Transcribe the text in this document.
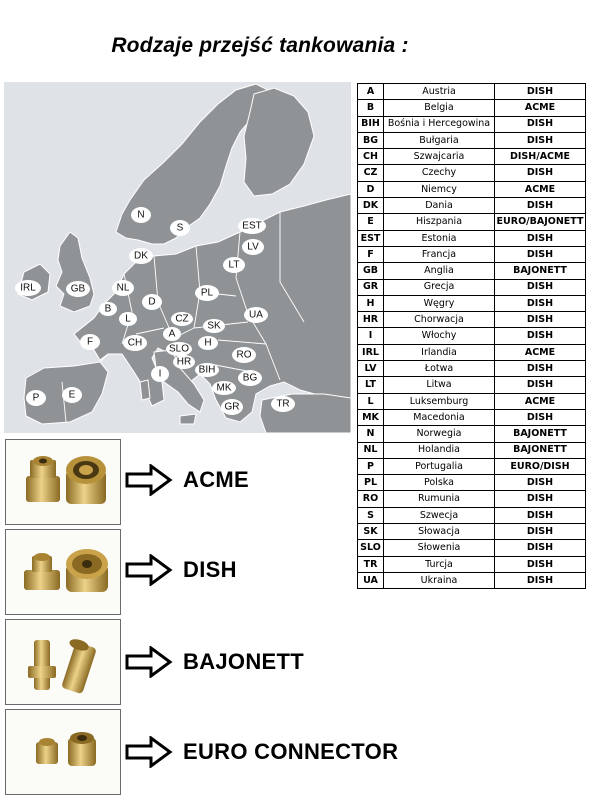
Rodzaje przejść tankowania :
N
S	EST
LV
DK
LT
IRL	GB	NL
D
PL
B
L	UA
CZ
SK
F	CH
A
H
SLO
RO
HR
I	BIH
MK
BG
P	E
GR	TR
A	Austria	DISH
B	Belgia	ACME
BIH	Bośnia i Hercegowina	DISH
BG	Bułgaria	DISH
CH	Szwajcaria	DISH/ACME
CZ	Czechy	DISH
D	Niemcy	ACME
DK	Dania	DISH
E	Hiszpania	EURO/BAJONETT
EST	Estonia	DISH
F	Francja	DISH
GB	Anglia	BAJONETT
GR	Grecja	DISH
H	Węgry	DISH
HR	Chorwacja	DISH
I	Włochy	DISH
IRL	Irlandia	ACME
LV	Łotwa	DISH
LT	Litwa	DISH
L	Luksemburg	ACME
MK	Macedonia	DISH
N	Norwegia	BAJONETT
NL	Holandia	BAJONETT
P	Portugalia	EURO/DISH
PL	Polska	DISH
RO	Rumunia	DISH
S	Szwecja	DISH
SK	Słowacja	DISH
SLO	Słowenia	DISH
TR	Turcja	DISH
UA	Ukraina	DISH
ACME
DISH
BAJONETT
EURO CONNECTOR
